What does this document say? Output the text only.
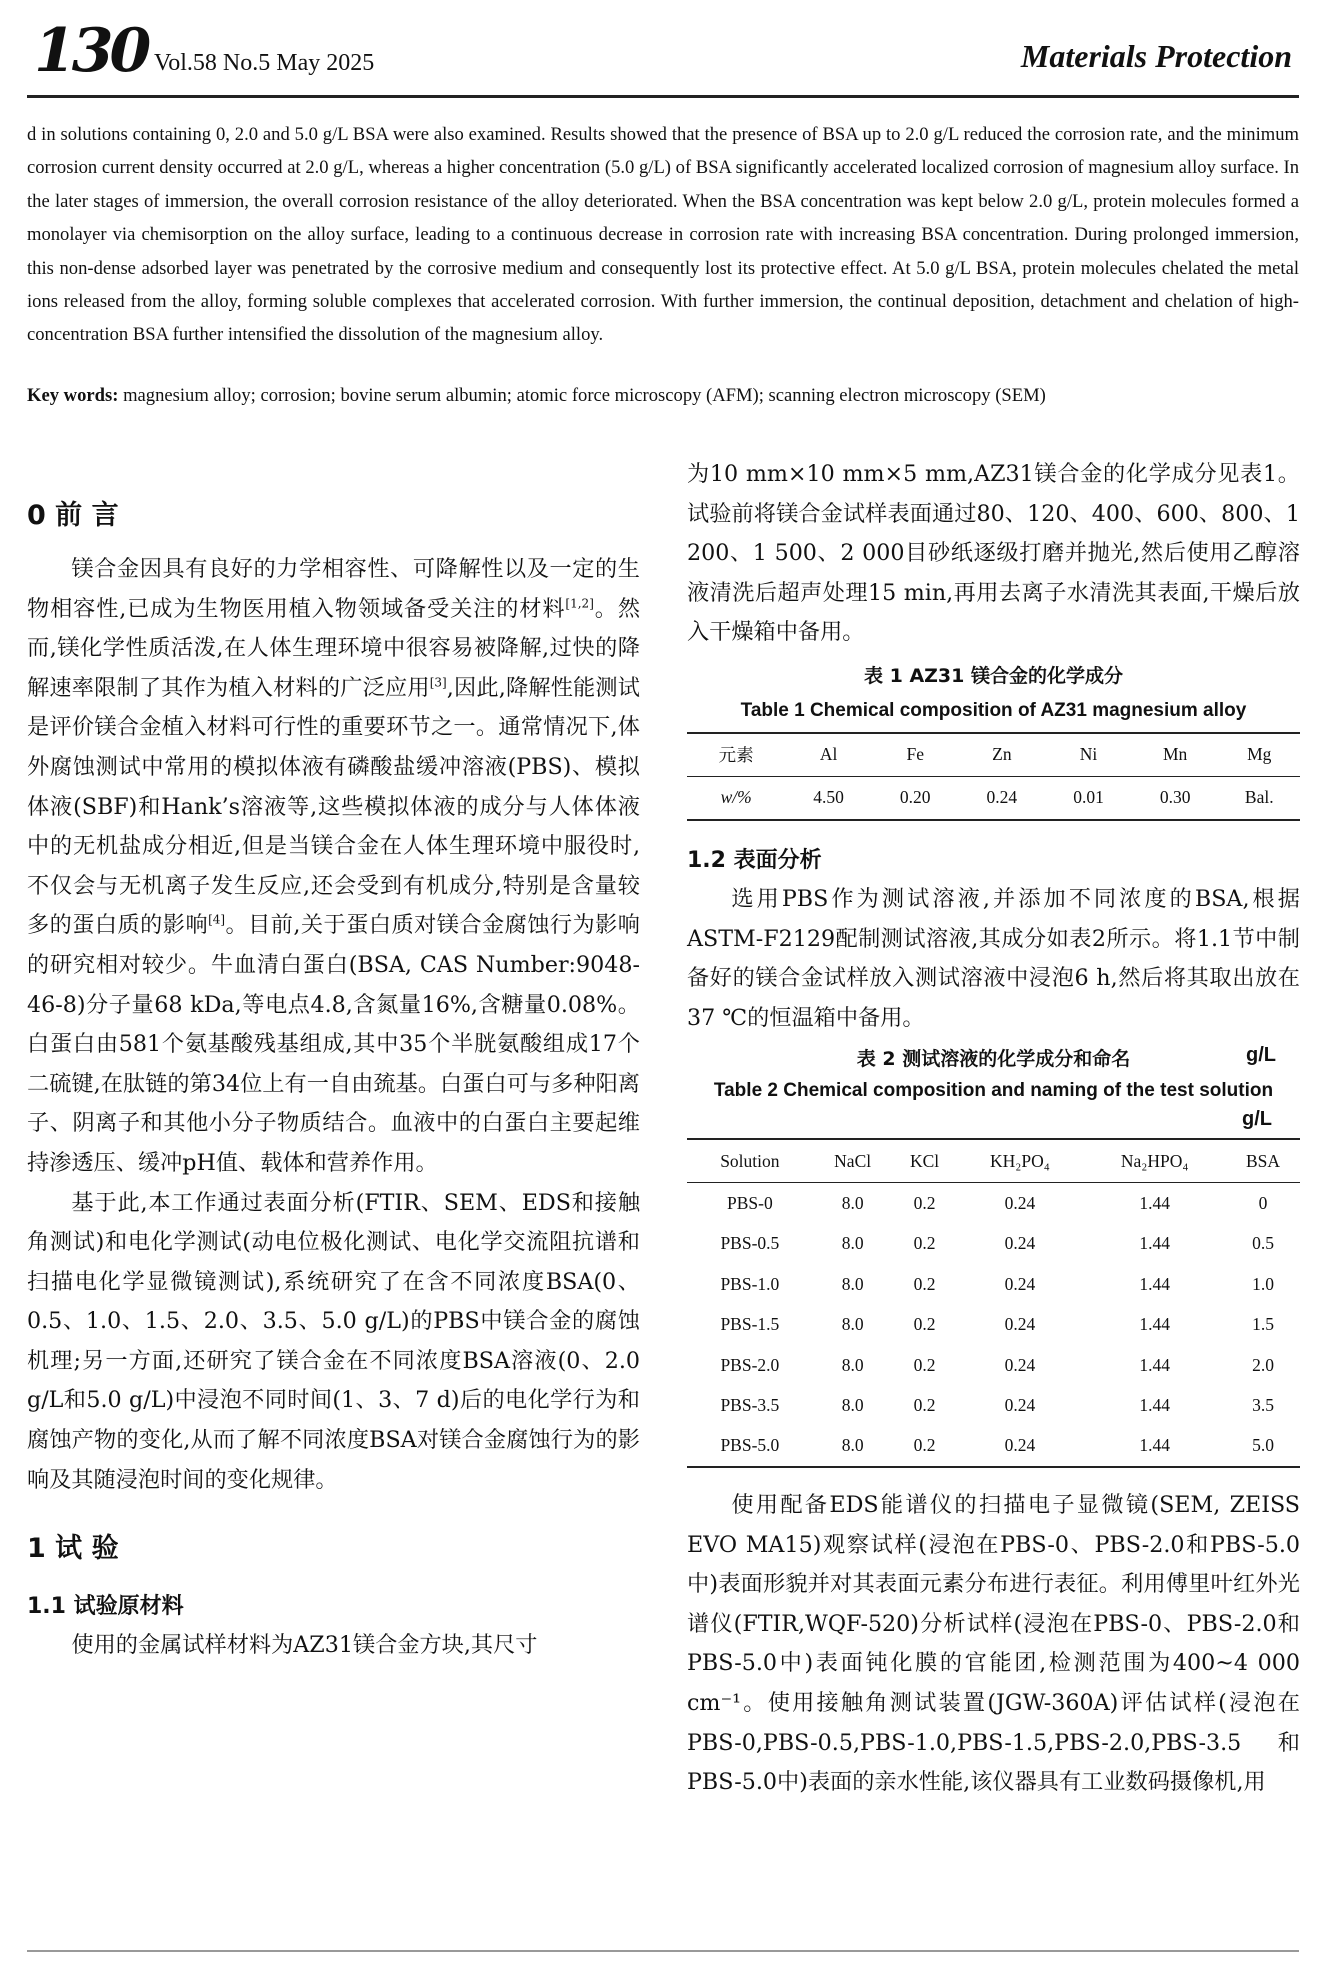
130 Vol.58 No.5 May 2025	Materials Protection
d in solutions containing 0, 2.0 and 5.0 g/L BSA were also examined. Results showed that the presence of BSA up to 2.0 g/L reduced the corrosion rate, and the minimum corrosion current density occurred at 2.0 g/L, whereas a higher concentration (5.0 g/L) of BSA significantly accelerated localized corrosion of magnesium alloy surface. In the later stages of immersion, the overall corrosion resistance of the alloy deteriorated. When the BSA concentration was kept below 2.0 g/L, protein molecules formed a monolayer via chemisorption on the alloy surface, leading to a continuous decrease in corrosion rate with increasing BSA concentration. During prolonged immersion, this non-dense adsorbed layer was penetrated by the corrosive medium and consequently lost its protective effect. At 5.0 g/L BSA, protein molecules chelated the metal ions released from the alloy, forming soluble complexes that accelerated corrosion. With further immersion, the continual deposition, detachment and chelation of high-concentration BSA further intensified the dissolution of the magnesium alloy.
Key words: magnesium alloy; corrosion; bovine serum albumin; atomic force microscopy (AFM); scanning electron microscopy (SEM)
0 前 言

镁合金因具有良好的力学相容性、可降解性以及一定的生物相容性,已成为生物医用植入物领域备受关注的材料[1,2]。然而,镁化学性质活泼,在人体生理环境中很容易被降解,过快的降解速率限制了其作为植入材料的广泛应用[3],因此,降解性能测试是评价镁合金植入材料可行性的重要环节之一。通常情况下,体外腐蚀测试中常用的模拟体液有磷酸盐缓冲溶液(PBS)、模拟体液(SBF)和Hank’s溶液等,这些模拟体液的成分与人体体液中的无机盐成分相近,但是当镁合金在人体生理环境中服役时,不仅会与无机离子发生反应,还会受到有机成分,特别是含量较多的蛋白质的影响[4]。目前,关于蛋白质对镁合金腐蚀行为影响的研究相对较少。牛血清白蛋白(BSA, CAS Number:9048-46-8)分子量68 kDa,等电点4.8,含氮量16%,含糖量0.08%。白蛋白由581个氨基酸残基组成,其中35个半胱氨酸组成17个二硫键,在肽链的第34位上有一自由巯基。白蛋白可与多种阳离子、阴离子和其他小分子物质结合。血液中的白蛋白主要起维持渗透压、缓冲pH值、载体和营养作用。

基于此,本工作通过表面分析(FTIR、SEM、EDS和接触角测试)和电化学测试(动电位极化测试、电化学交流阻抗谱和扫描电化学显微镜测试),系统研究了在含不同浓度BSA(0、0.5、1.0、1.5、2.0、3.5、5.0 g/L)的PBS中镁合金的腐蚀机理;另一方面,还研究了镁合金在不同浓度BSA溶液(0、2.0 g/L和5.0 g/L)中浸泡不同时间(1、3、7 d)后的电化学行为和腐蚀产物的变化,从而了解不同浓度BSA对镁合金腐蚀行为的影响及其随浸泡时间的变化规律。

1 试 验
1.1 试验原材料

使用的金属试样材料为AZ31镁合金方块,其尺寸

为10 mm×10 mm×5 mm,AZ31镁合金的化学成分见表1。试验前将镁合金试样表面通过80、120、400、600、800、1 200、1 500、2 000目砂纸逐级打磨并抛光,然后使用乙醇溶液清洗后超声处理15 min,再用去离子水清洗其表面,干燥后放入干燥箱中备用。

表 1 AZ31 镁合金的化学成分

Table 1 Chemical composition of AZ31 magnesium alloy

元素	Al	Fe	Zn	Ni	Mn	Mg
w/%	4.50	0.20	0.24	0.01	0.30	Bal.
1.2 表面分析

选用PBS作为测试溶液,并添加不同浓度的BSA,根据ASTM-F2129配制测试溶液,其成分如表2所示。将1.1节中制备好的镁合金试样放入测试溶液中浸泡6 h,然后将其取出放在37 ℃的恒温箱中备用。

表 2 测试溶液的化学成分和命名	g/L

Table 2 Chemical composition and naming of the test solution

g/L
Solution	NaCl	KCl	KH₂PO₄	Na₂HPO₄	BSA
PBS-0	8.0	0.2	0.24	1.44	0
PBS-0.5	8.0	0.2	0.24	1.44	0.5
PBS-1.0	8.0	0.2	0.24	1.44	1.0
PBS-1.5	8.0	0.2	0.24	1.44	1.5
PBS-2.0	8.0	0.2	0.24	1.44	2.0
PBS-3.5	8.0	0.2	0.24	1.44	3.5
PBS-5.0	8.0	0.2	0.24	1.44	5.0

使用配备EDS能谱仪的扫描电子显微镜(SEM, ZEISS EVO MA15)观察试样(浸泡在PBS-0、PBS-2.0和PBS-5.0中)表面形貌并对其表面元素分布进行表征。利用傅里叶红外光谱仪(FTIR,WQF-520)分析试样(浸泡在PBS-0、PBS-2.0和PBS-5.0中)表面钝化膜的官能团,检测范围为400~4 000 cm⁻¹。使用接触角测试装置(JGW-360A)评估试样(浸泡在PBS-0,PBS-0.5,PBS-1.0,PBS-1.5,PBS-2.0,PBS-3.5和PBS-5.0中)表面的亲水性能,该仪器具有工业数码摄像机,用
